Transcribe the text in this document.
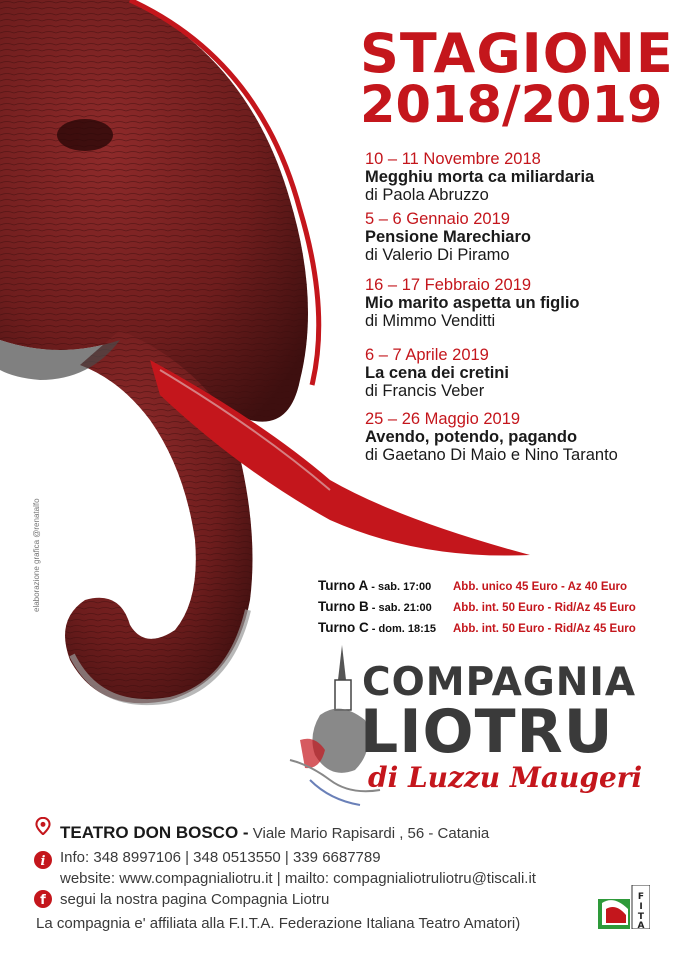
STAGIONE
2018/2019
10 – 11 Novembre 2018
Megghiu morta ca miliardaria
di Paola Abruzzo
5 – 6 Gennaio 2019
Pensione Marechiaro
di Valerio Di Piramo
16 – 17 Febbraio 2019
Mio marito aspetta un figlio
di Mimmo Venditti
6 – 7 Aprile 2019
La cena dei cretini
di Francis Veber
25 – 26 Maggio 2019
Avendo, potendo, pagando
di Gaetano Di Maio e Nino Taranto
elaborazione grafica @renatalfo	Turno A - sab. 17:00 Abb. unico 45 Euro - Az 40 Euro
Turno B - sab. 21:00 Abb. int. 50 Euro - Rid/Az 45 Euro
Turno C - dom. 18:15 Abb. int. 50 Euro - Rid/Az 45 Euro
COMPAGNIA
LIOTRU
di Luzzu Maugeri
TEATRO DON BOSCO - Viale Mario Rapisardi , 56 - Catania
i Info: 348 8997106 | 348 0513550 | 339 6687789
website: www.compagnialiotru.it | mailto: compagnialiotruliotru@tiscali.it
f segui la nostra pagina Compagnia Liotru
La compagnia e' affiliata alla F.I.T.A. Federazione Italiana Teatro Amatori)
F
I
T
A
